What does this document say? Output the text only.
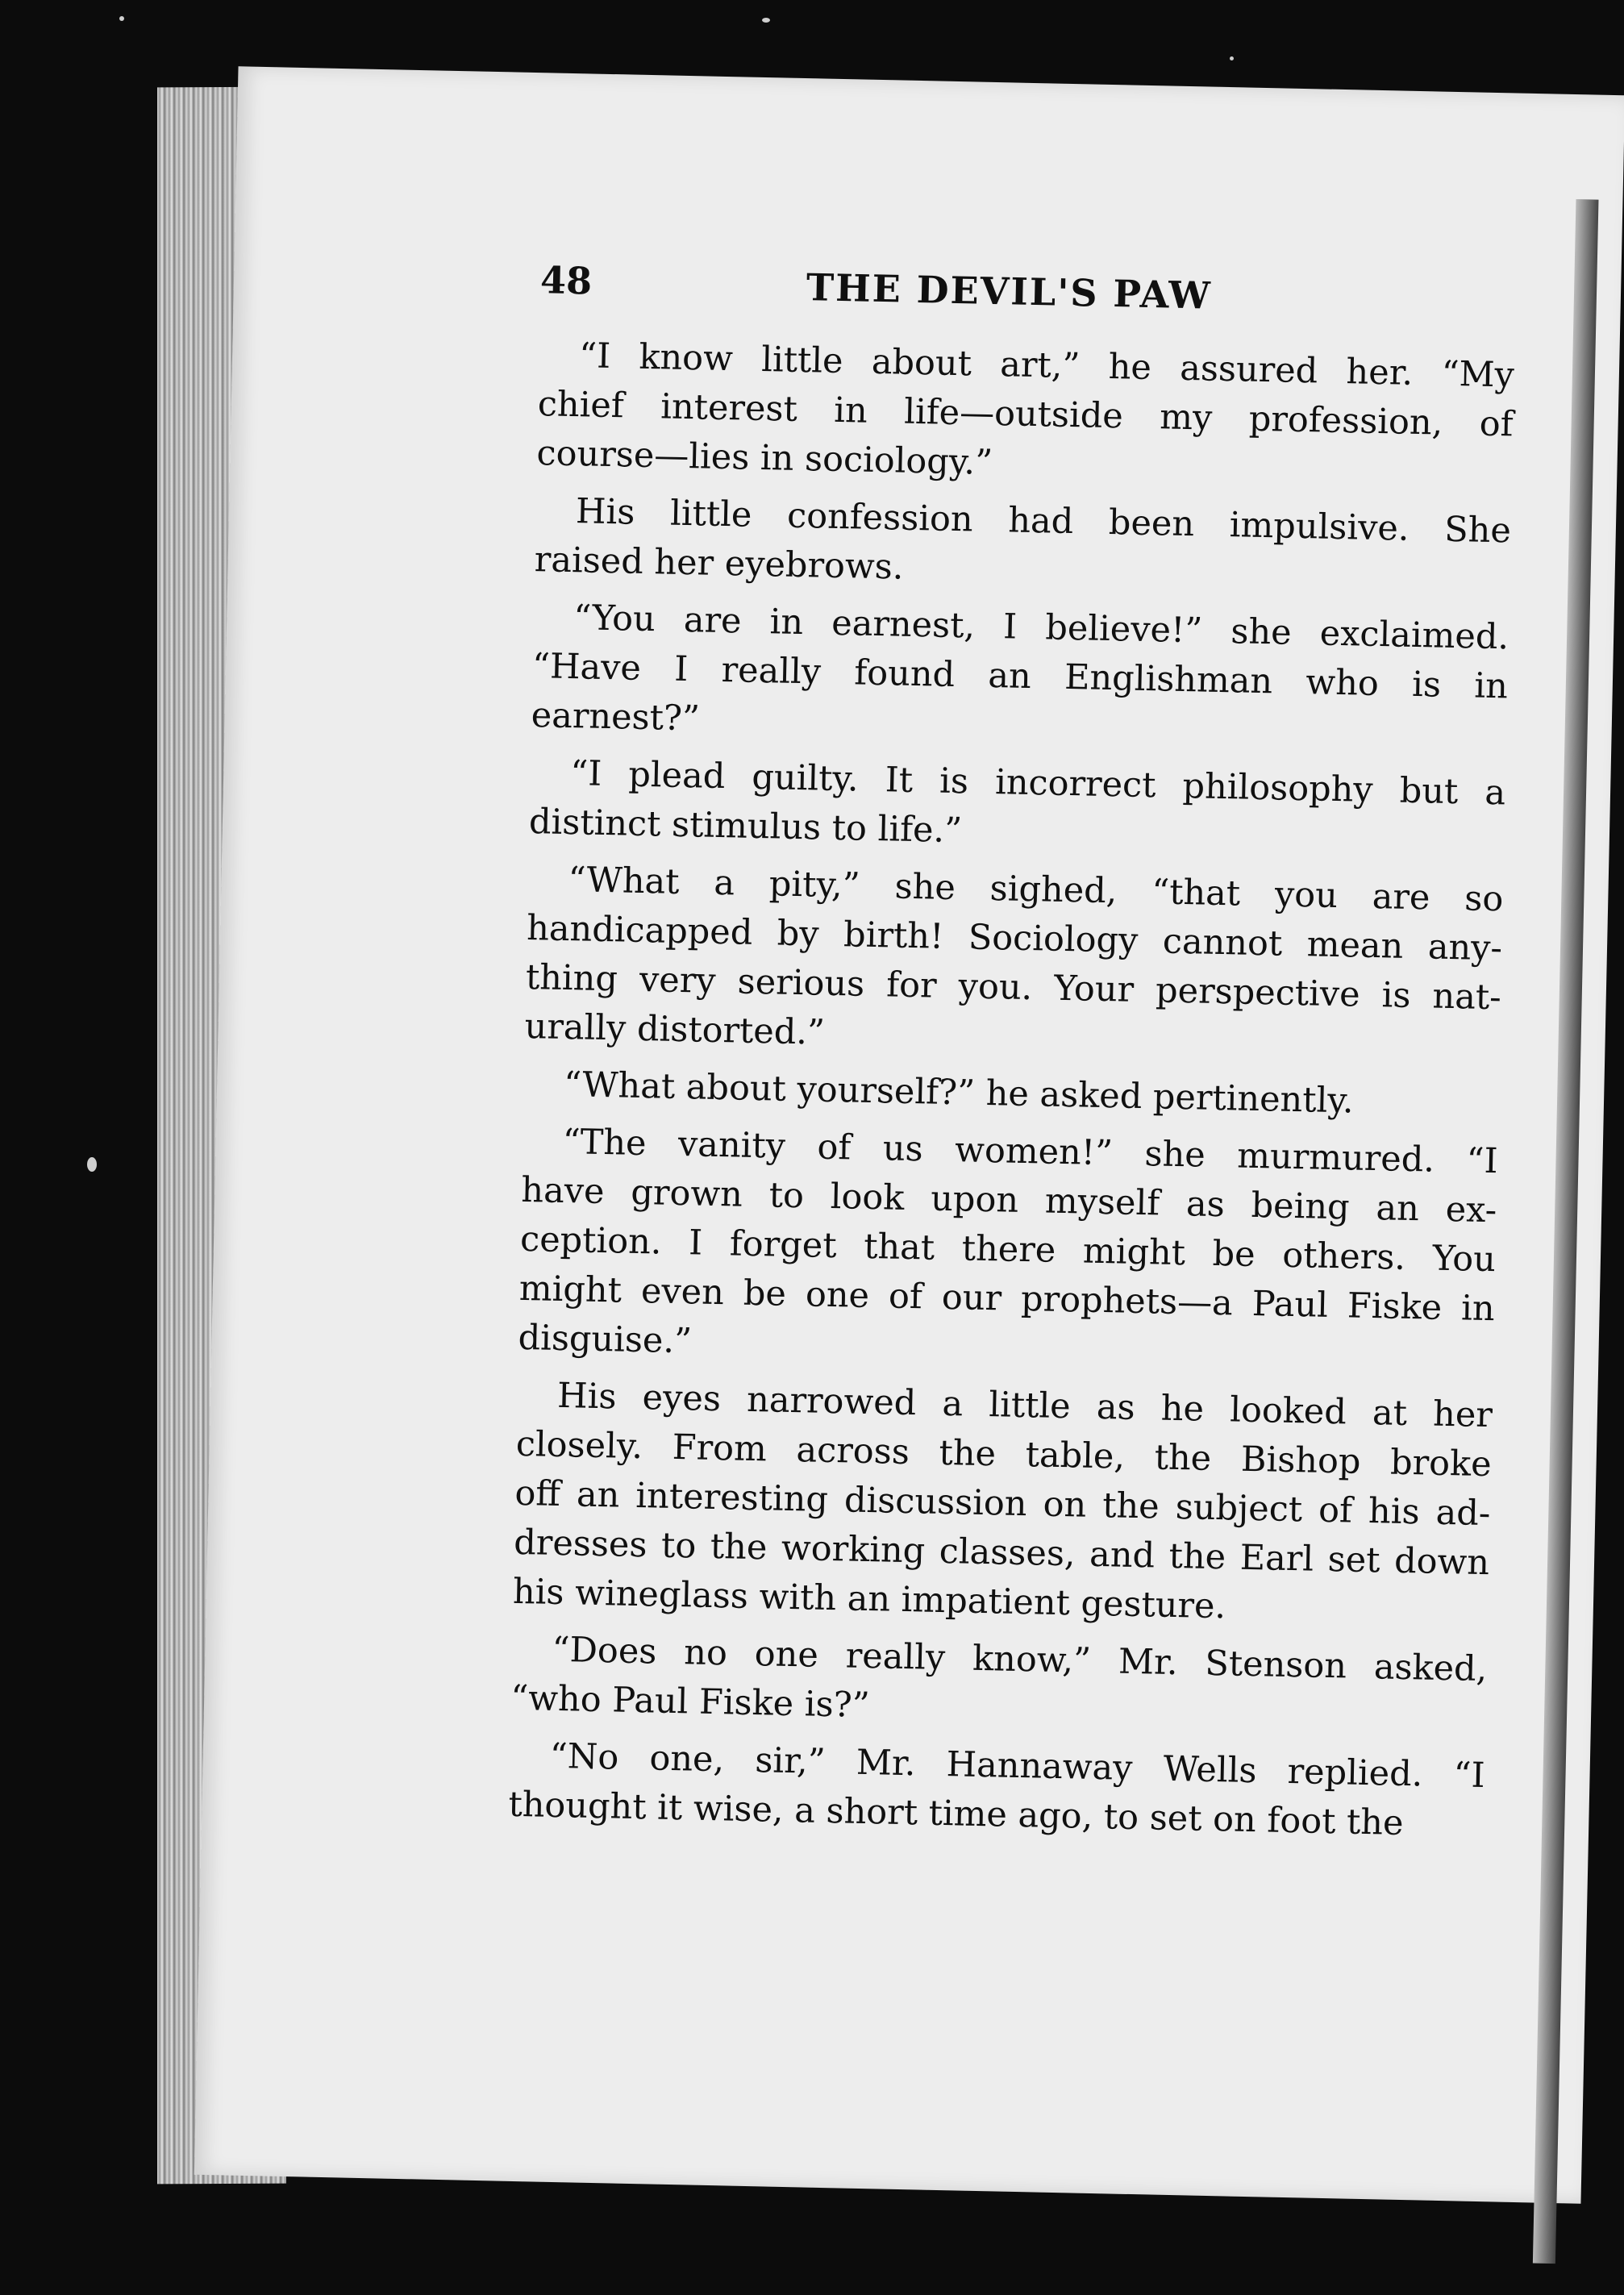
48	THE DEVIL'S PAW
“I know little about art,” he assured her. “My
chief interest in life—outside my profession, of
course—lies in sociology.”
His little confession had been impulsive. She
raised her eyebrows.
“You are in earnest, I believe!” she exclaimed.
“Have I really found an Englishman who is in
earnest?”
“I plead guilty. It is incorrect philosophy but a
distinct stimulus to life.”
“What a pity,” she sighed, “that you are so
handicapped by birth! Sociology cannot mean any-
thing very serious for you. Your perspective is nat-
urally distorted.”
“What about yourself?” he asked pertinently.
“The vanity of us women!” she murmured. “I
have grown to look upon myself as being an ex-
ception. I forget that there might be others. You
might even be one of our prophets—a Paul Fiske in
disguise.”
His eyes narrowed a little as he looked at her
closely. From across the table, the Bishop broke
off an interesting discussion on the subject of his ad-
dresses to the working classes, and the Earl set down
his wineglass with an impatient gesture.
“Does no one really know,” Mr. Stenson asked,
“who Paul Fiske is?”
“No one, sir,” Mr. Hannaway Wells replied. “I
thought it wise, a short time ago, to set on foot the
